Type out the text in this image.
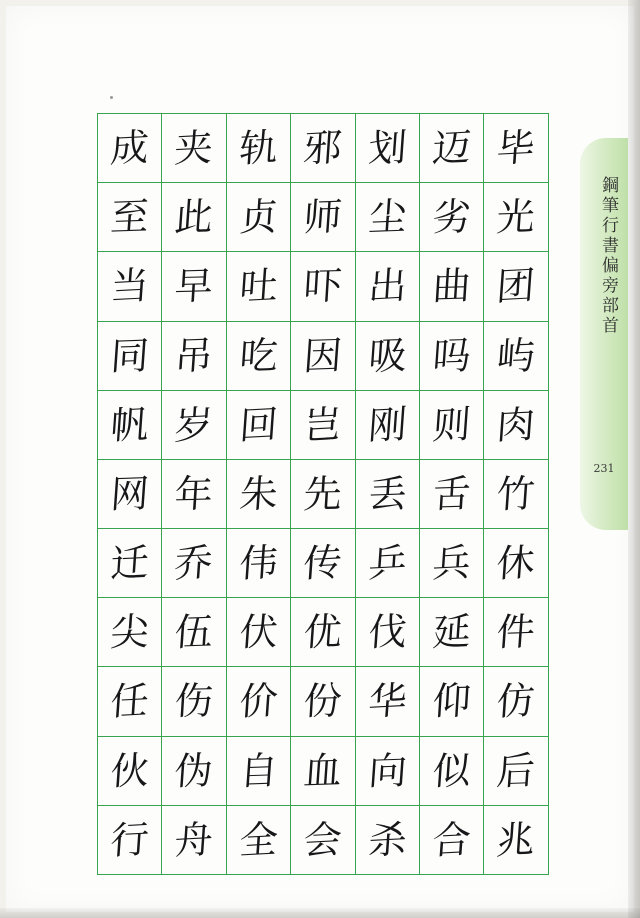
成	夹	轨	邪	划	迈	毕

至	此	贞	师	尘	劣	光

当	早	吐	吓	出	曲	团

同	吊	吃	因	吸	吗	屿

帆	岁	回	岂	刚	则	肉

网	年	朱	先	丢	舌	竹

迁	乔	伟	传	乒	兵	休

尖	伍	伏	优	伐	延	件

任	伤	价	份	华	仰	仿

伙	伪	自	血	向	似	后

行	舟	全	会	杀	合	兆
鋼筆行書偏旁部首
231
